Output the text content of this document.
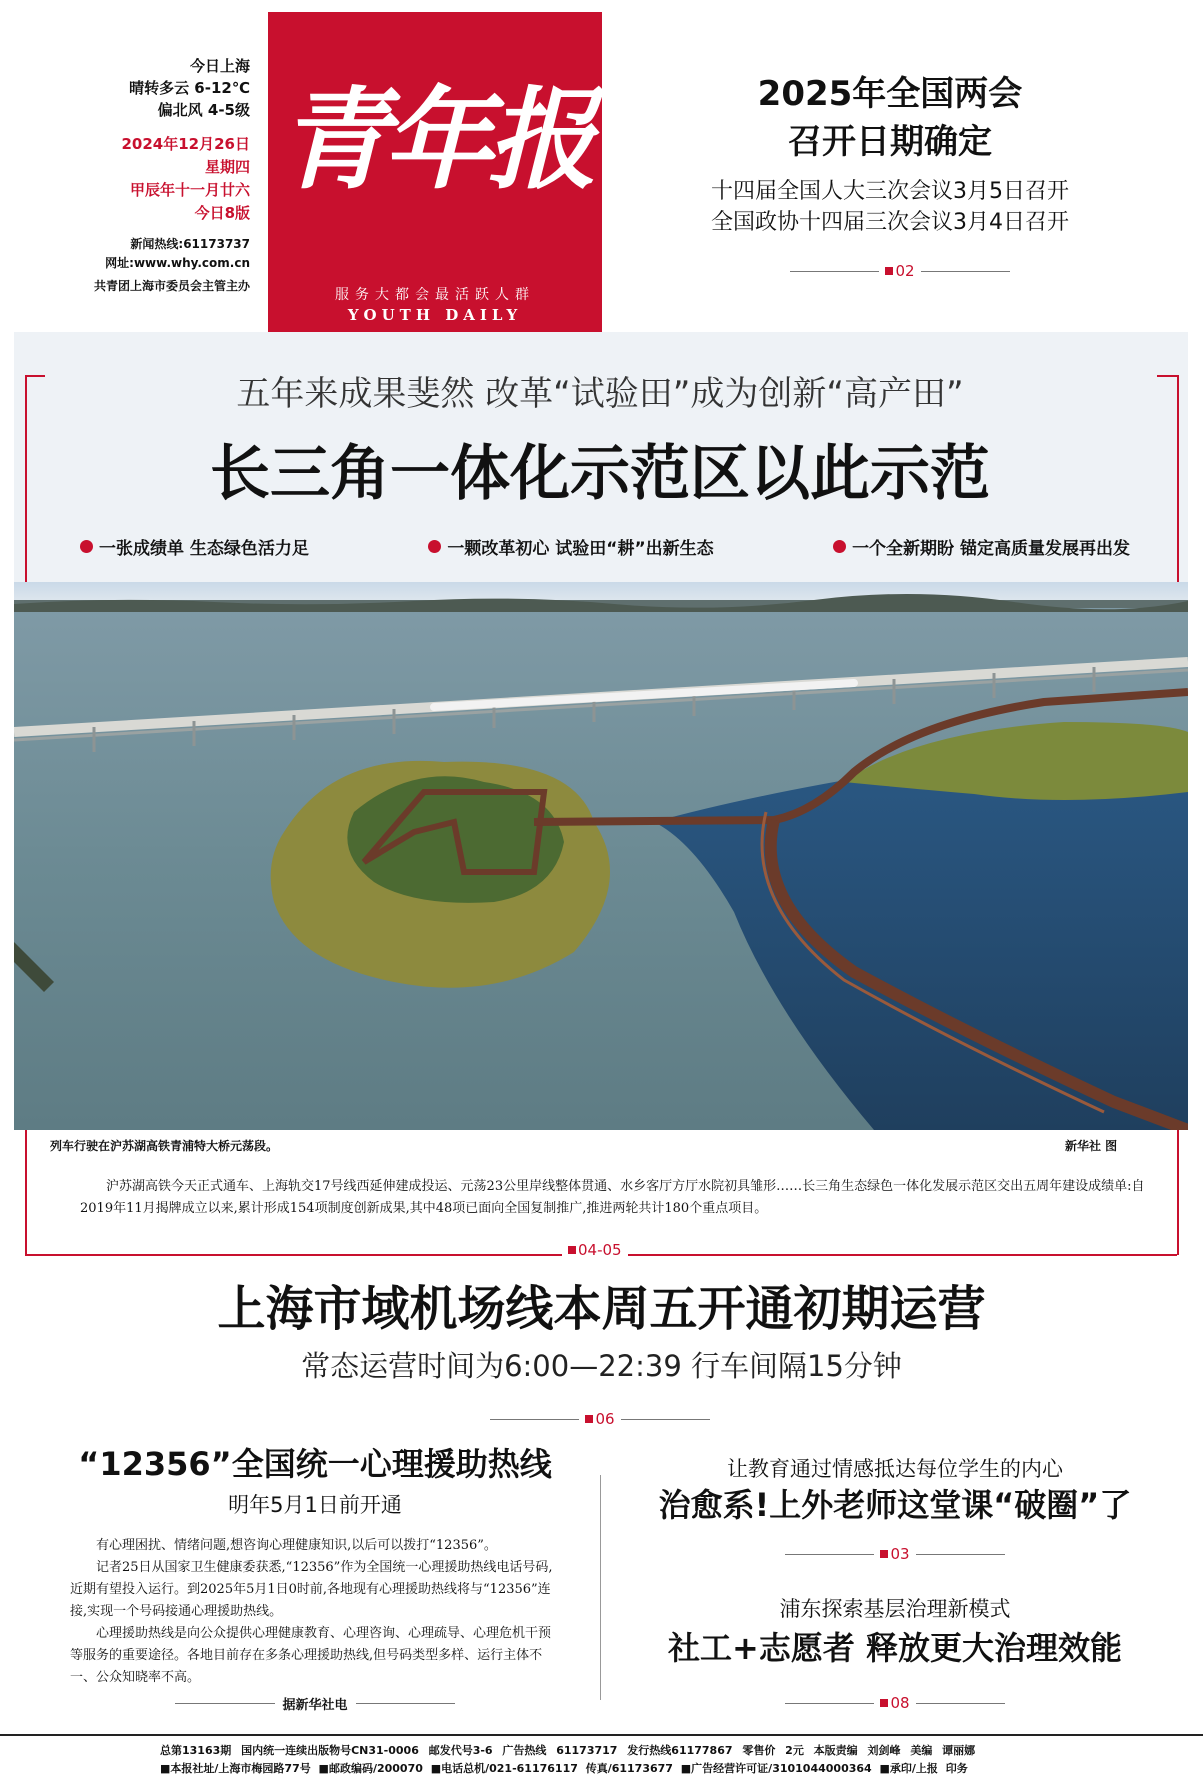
今日上海
晴转多云 6-12℃
偏北风 4-5级
2024年12月26日
星期四
甲辰年十一月廿六
今日8版
新闻热线:61173737
网址:www.why.com.cn
共青团上海市委员会主管主办
青年报
服务大都会最活跃人群
YOUTH DAILY
2025年全国两会
召开日期确定
十四届全国人大三次会议3月5日召开
全国政协十四届三次会议3月4日召开
02
五年来成果斐然 改革“试验田”成为创新“高产田”
长三角一体化示范区以此示范
一张成绩单 生态绿色活力足	一颗改革初心 试验田“耕”出新生态	一个全新期盼 锚定高质量发展再出发
列车行驶在沪苏湖高铁青浦特大桥元荡段。	新华社 图
沪苏湖高铁今天正式通车、上海轨交17号线西延伸建成投运、元荡23公里岸线整体贯通、水乡客厅方厅水院初具雏形……长三角生态绿色一体化发展示范区交出五周年建设成绩单:自2019年11月揭牌成立以来,累计形成154项制度创新成果,其中48项已面向全国复制推广,推进两轮共计180个重点项目。
04-05
上海市域机场线本周五开通初期运营
常态运营时间为6:00—22:39 行车间隔15分钟
06
“12356”全国统一心理援助热线
明年5月1日前开通

有心理困扰、情绪问题,想咨询心理健康知识,以后可以拨打“12356”。

记者25日从国家卫生健康委获悉,“12356”作为全国统一心理援助热线电话号码,近期有望投入运行。到2025年5月1日0时前,各地现有心理援助热线将与“12356”连接,实现一个号码接通心理援助热线。

心理援助热线是向公众提供心理健康教育、心理咨询、心理疏导、心理危机干预等服务的重要途径。各地目前存在多条心理援助热线,但号码类型多样、运行主体不一、公众知晓率不高。

据新华社电
让教育通过情感抵达每位学生的内心
治愈系!上外老师这堂课“破圈”了
03
浦东探索基层治理新模式
社工+志愿者 释放更大治理效能
08
总第13163期 国内统一连续出版物号CN31-0006 邮发代号3-6 广告热线 61173717 发行热线61177867 零售价 2元 本版责编 刘剑峰 美编 谭丽娜
■本报社址/上海市梅园路77号 ■邮政编码/200070 ■电话总机/021-61176117 传真/61173677 ■广告经营许可证/3101044000364 ■承印/上报 印务
